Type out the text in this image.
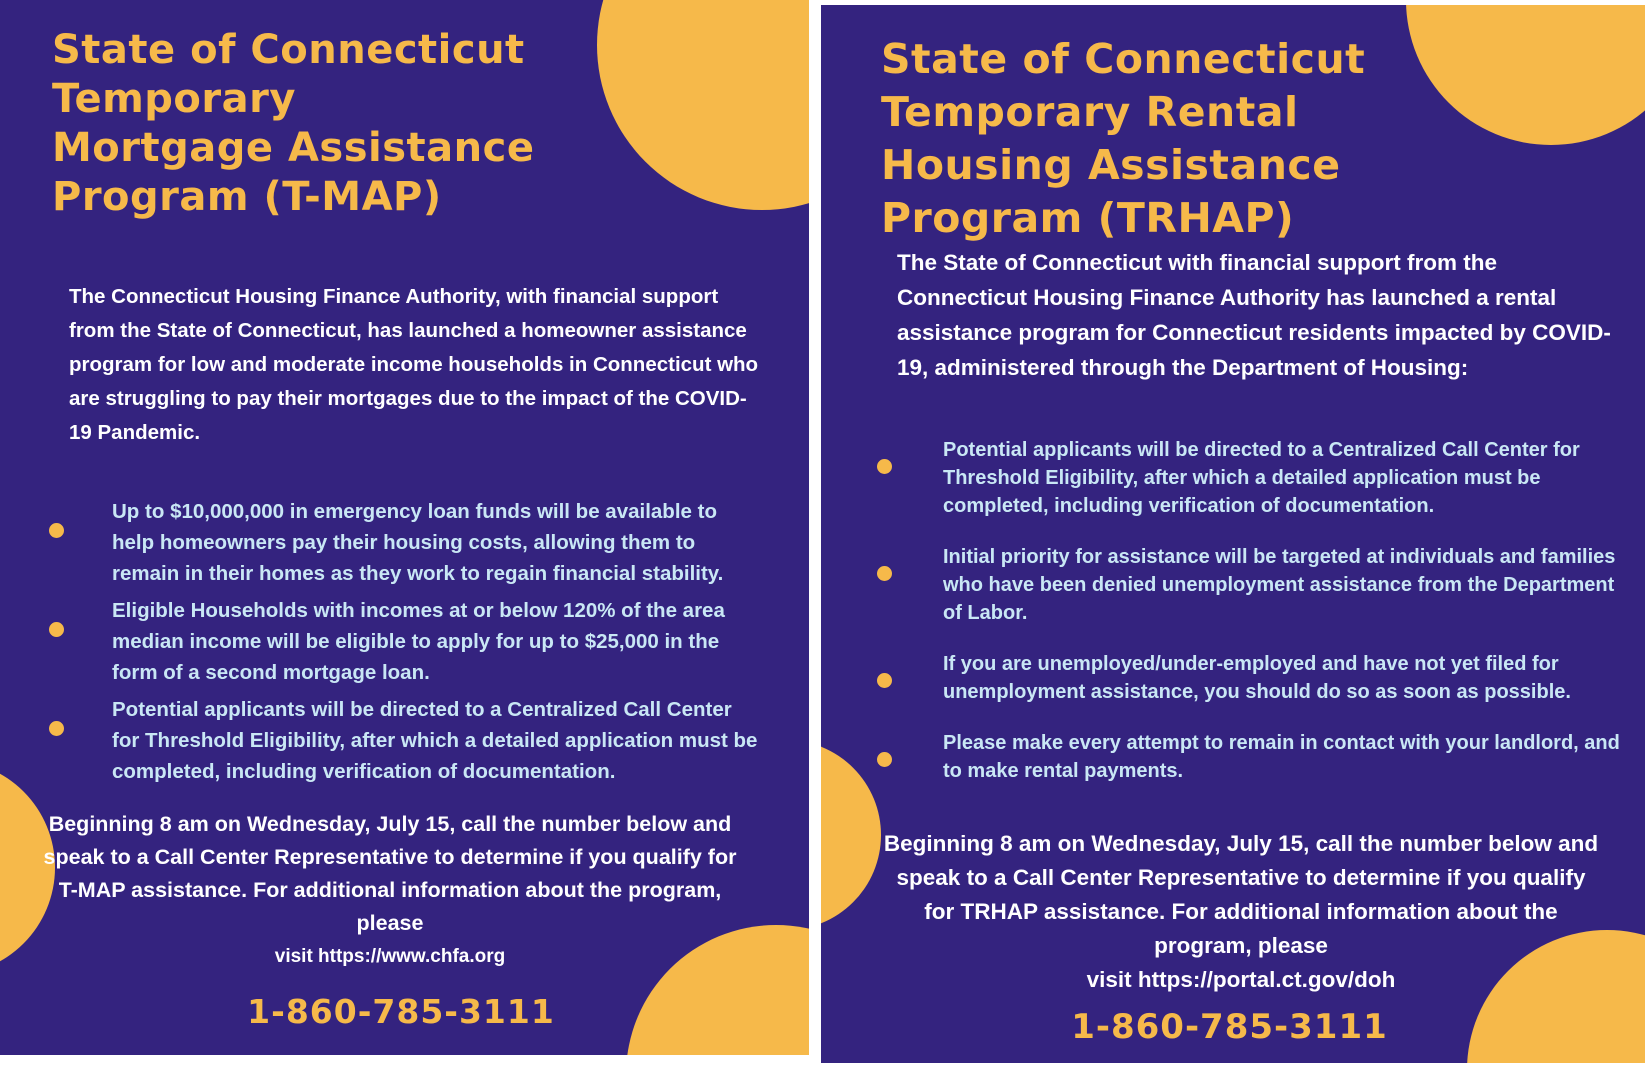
State of Connecticut
Temporary
Mortgage Assistance
Program (T-MAP)

The Connecticut Housing Finance Authority, with financial support from the State of Connecticut, has launched a homeowner assistance program for low and moderate income households in Connecticut who are struggling to pay their mortgages due to the impact of the COVID-19 Pandemic.

Up to $10,000,000 in emergency loan funds will be available to help homeowners pay their housing costs, allowing them to remain in their homes as they work to regain financial stability.
Eligible Households with incomes at or below 120% of the area median income will be eligible to apply for up to $25,000 in the form of a second mortgage loan.
Potential applicants will be directed to a Centralized Call Center for Threshold Eligibility, after which a detailed application must be completed, including verification of documentation.

Beginning 8 am on Wednesday, July 15, call the number below and speak to a Call Center Representative to determine if you qualify for T-MAP assistance. For additional information about the program, please
visit https://www.chfa.org

1-860-785-3111

State of Connecticut
Temporary Rental
Housing Assistance
Program (TRHAP)

The State of Connecticut with financial support from the Connecticut Housing Finance Authority has launched a rental assistance program for Connecticut residents impacted by COVID-19, administered through the Department of Housing:

Potential applicants will be directed to a Centralized Call Center for Threshold Eligibility, after which a detailed application must be completed, including verification of documentation.
Initial priority for assistance will be targeted at individuals and families who have been denied unemployment assistance from the Department of Labor.
If you are unemployed/under-employed and have not yet filed for unemployment assistance, you should do so as soon as possible.
Please make every attempt to remain in contact with your landlord, and to make rental payments.

Beginning 8 am on Wednesday, July 15, call the number below and speak to a Call Center Representative to determine if you qualify for TRHAP assistance. For additional information about the program, please
visit https://portal.ct.gov/doh

1-860-785-3111
